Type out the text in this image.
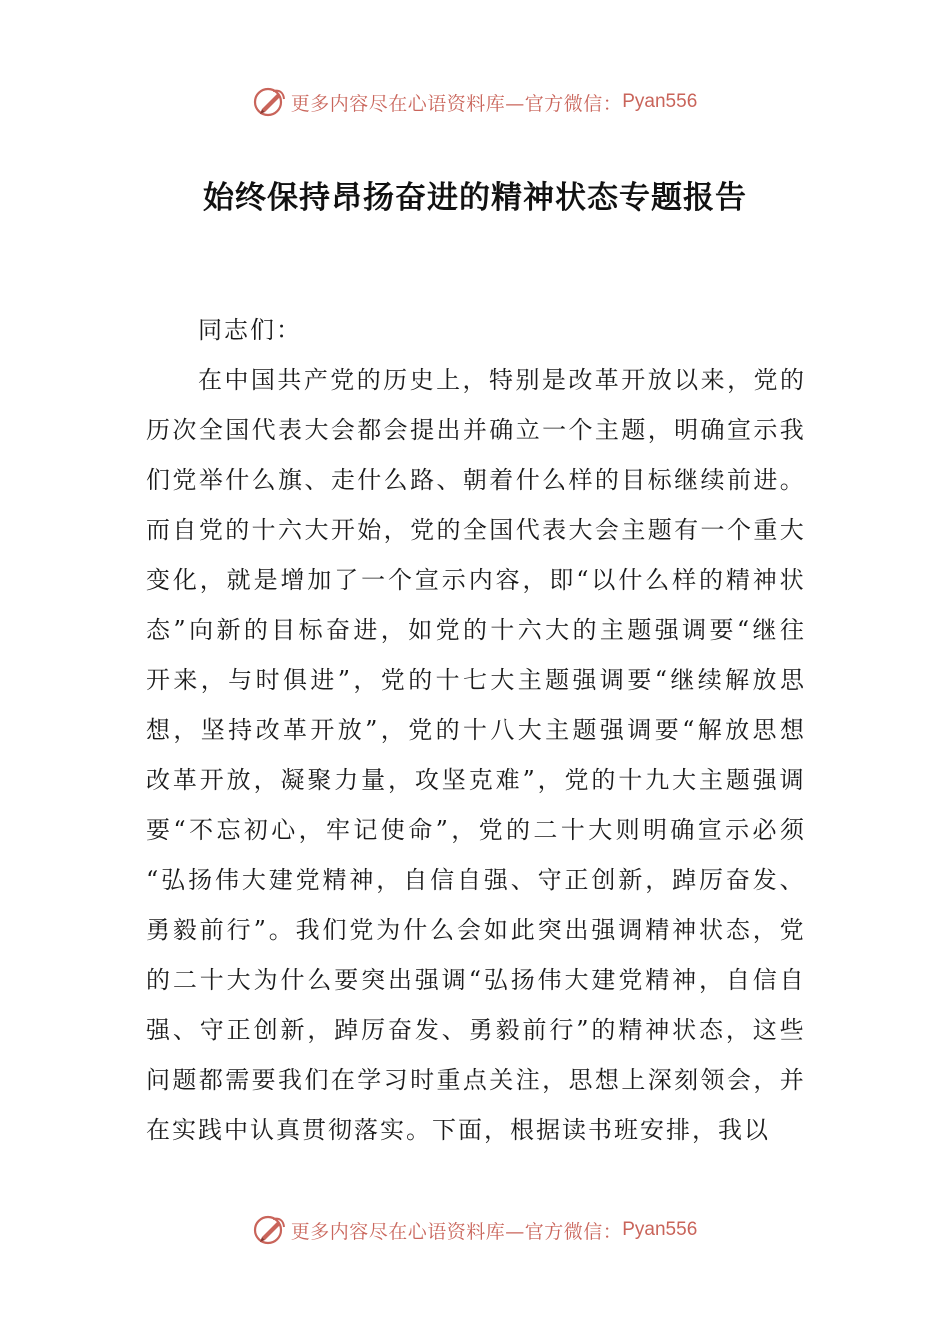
更多内容尽在心语资料库—官方微信： Pyan556
始终保持昂扬奋进的精神状态专题报告
同志们：
在 中 国 共 产 党 的 历 史 上 ， 特 别 是 改 革 开 放 以 来 ， 党 的
历 次 全 国 代 表 大 会 都 会 提 出 并 确 立 一 个 主 题 ， 明 确 宣 示 我
们 党 举 什 么 旗 、 走 什 么 路 、 朝 着 什 么 样 的 目 标 继 续 前 进 。
而 自 党 的 十 六 大 开 始 ， 党 的 全 国 代 表 大 会 主 题 有 一 个 重 大
变 化 ， 就 是 增 加 了 一 个 宣 示 内 容 ， 即 “ 以 什 么 样 的 精 神 状
态 ” 向 新 的 目 标 奋 进 ， 如 党 的 十 六 大 的 主 题 强 调 要 “ 继 往
开 来 ， 与 时 俱 进 ” ， 党 的 十 七 大 主 题 强 调 要 “ 继 续 解 放 思
想 ， 坚 持 改 革 开 放 ” ， 党 的 十 八 大 主 题 强 调 要 “ 解 放 思 想
改 革 开 放 ， 凝 聚 力 量 ， 攻 坚 克 难 ” ， 党 的 十 九 大 主 题 强 调
要 “ 不 忘 初 心 ， 牢 记 使 命 ” ， 党 的 二 十 大 则 明 确 宣 示 必 须
“ 弘 扬 伟 大 建 党 精 神 ， 自 信 自 强 、 守 正 创 新 ， 踔 厉 奋 发 、
勇 毅 前 行 ” 。 我 们 党 为 什 么 会 如 此 突 出 强 调 精 神 状 态 ， 党
的 二 十 大 为 什 么 要 突 出 强 调 “ 弘 扬 伟 大 建 党 精 神 ， 自 信 自
强 、 守 正 创 新 ， 踔 厉 奋 发 、 勇 毅 前 行 ” 的 精 神 状 态 ， 这 些
问 题 都 需 要 我 们 在 学 习 时 重 点 关 注 ， 思 想 上 深 刻 领 会 ， 并
在实践中认真贯彻落实。下面，根据读书班安排，我以
更多内容尽在心语资料库—官方微信： Pyan556
